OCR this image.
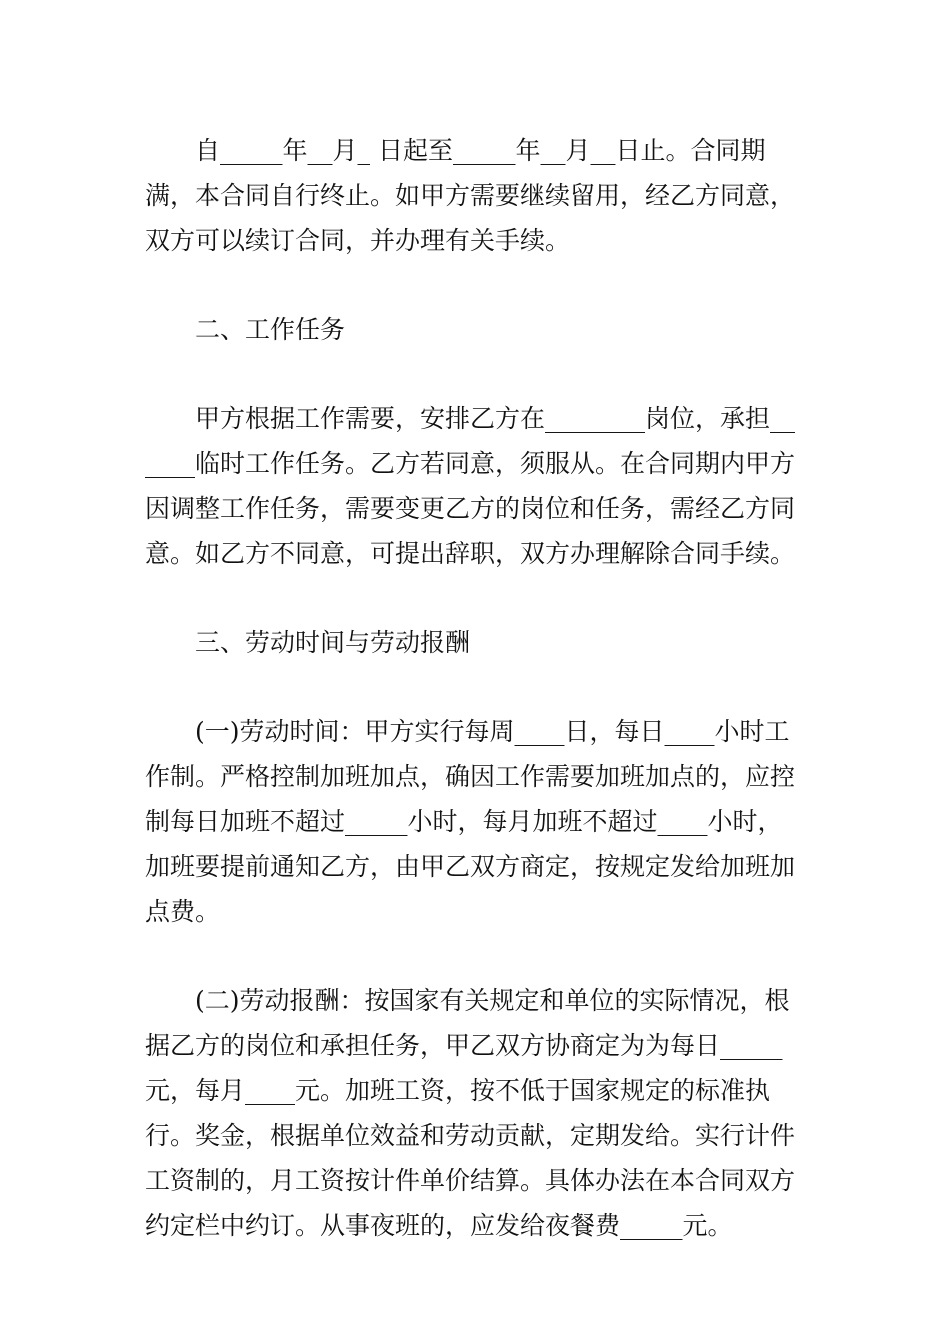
自_____年__月_ 日起至_____年__月__日止。合同期满，本合同自行终止。如甲方需要继续留用，经乙方同意，双方可以续订合同，并办理有关手续。

二、工作任务

甲方根据工作需要，安排乙方在________岗位，承担______临时工作任务。乙方若同意，须服从。在合同期内甲方因调整工作任务，需要变更乙方的岗位和任务，需经乙方同意。如乙方不同意，可提出辞职，双方办理解除合同手续。

三、劳动时间与劳动报酬

(一)劳动时间：甲方实行每周____日，每日____小时工作制。严格控制加班加点，确因工作需要加班加点的，应控制每日加班不超过_____小时，每月加班不超过____小时，加班要提前通知乙方，由甲乙双方商定，按规定发给加班加点费。

(二)劳动报酬：按国家有关规定和单位的实际情况，根据乙方的岗位和承担任务，甲乙双方协商定为为每日_____元，每月____元。加班工资，按不低于国家规定的标准执行。奖金，根据单位效益和劳动贡献，定期发给。实行计件工资制的，月工资按计件单价结算。具体办法在本合同双方约定栏中约订。从事夜班的，应发给夜餐费_____元。
